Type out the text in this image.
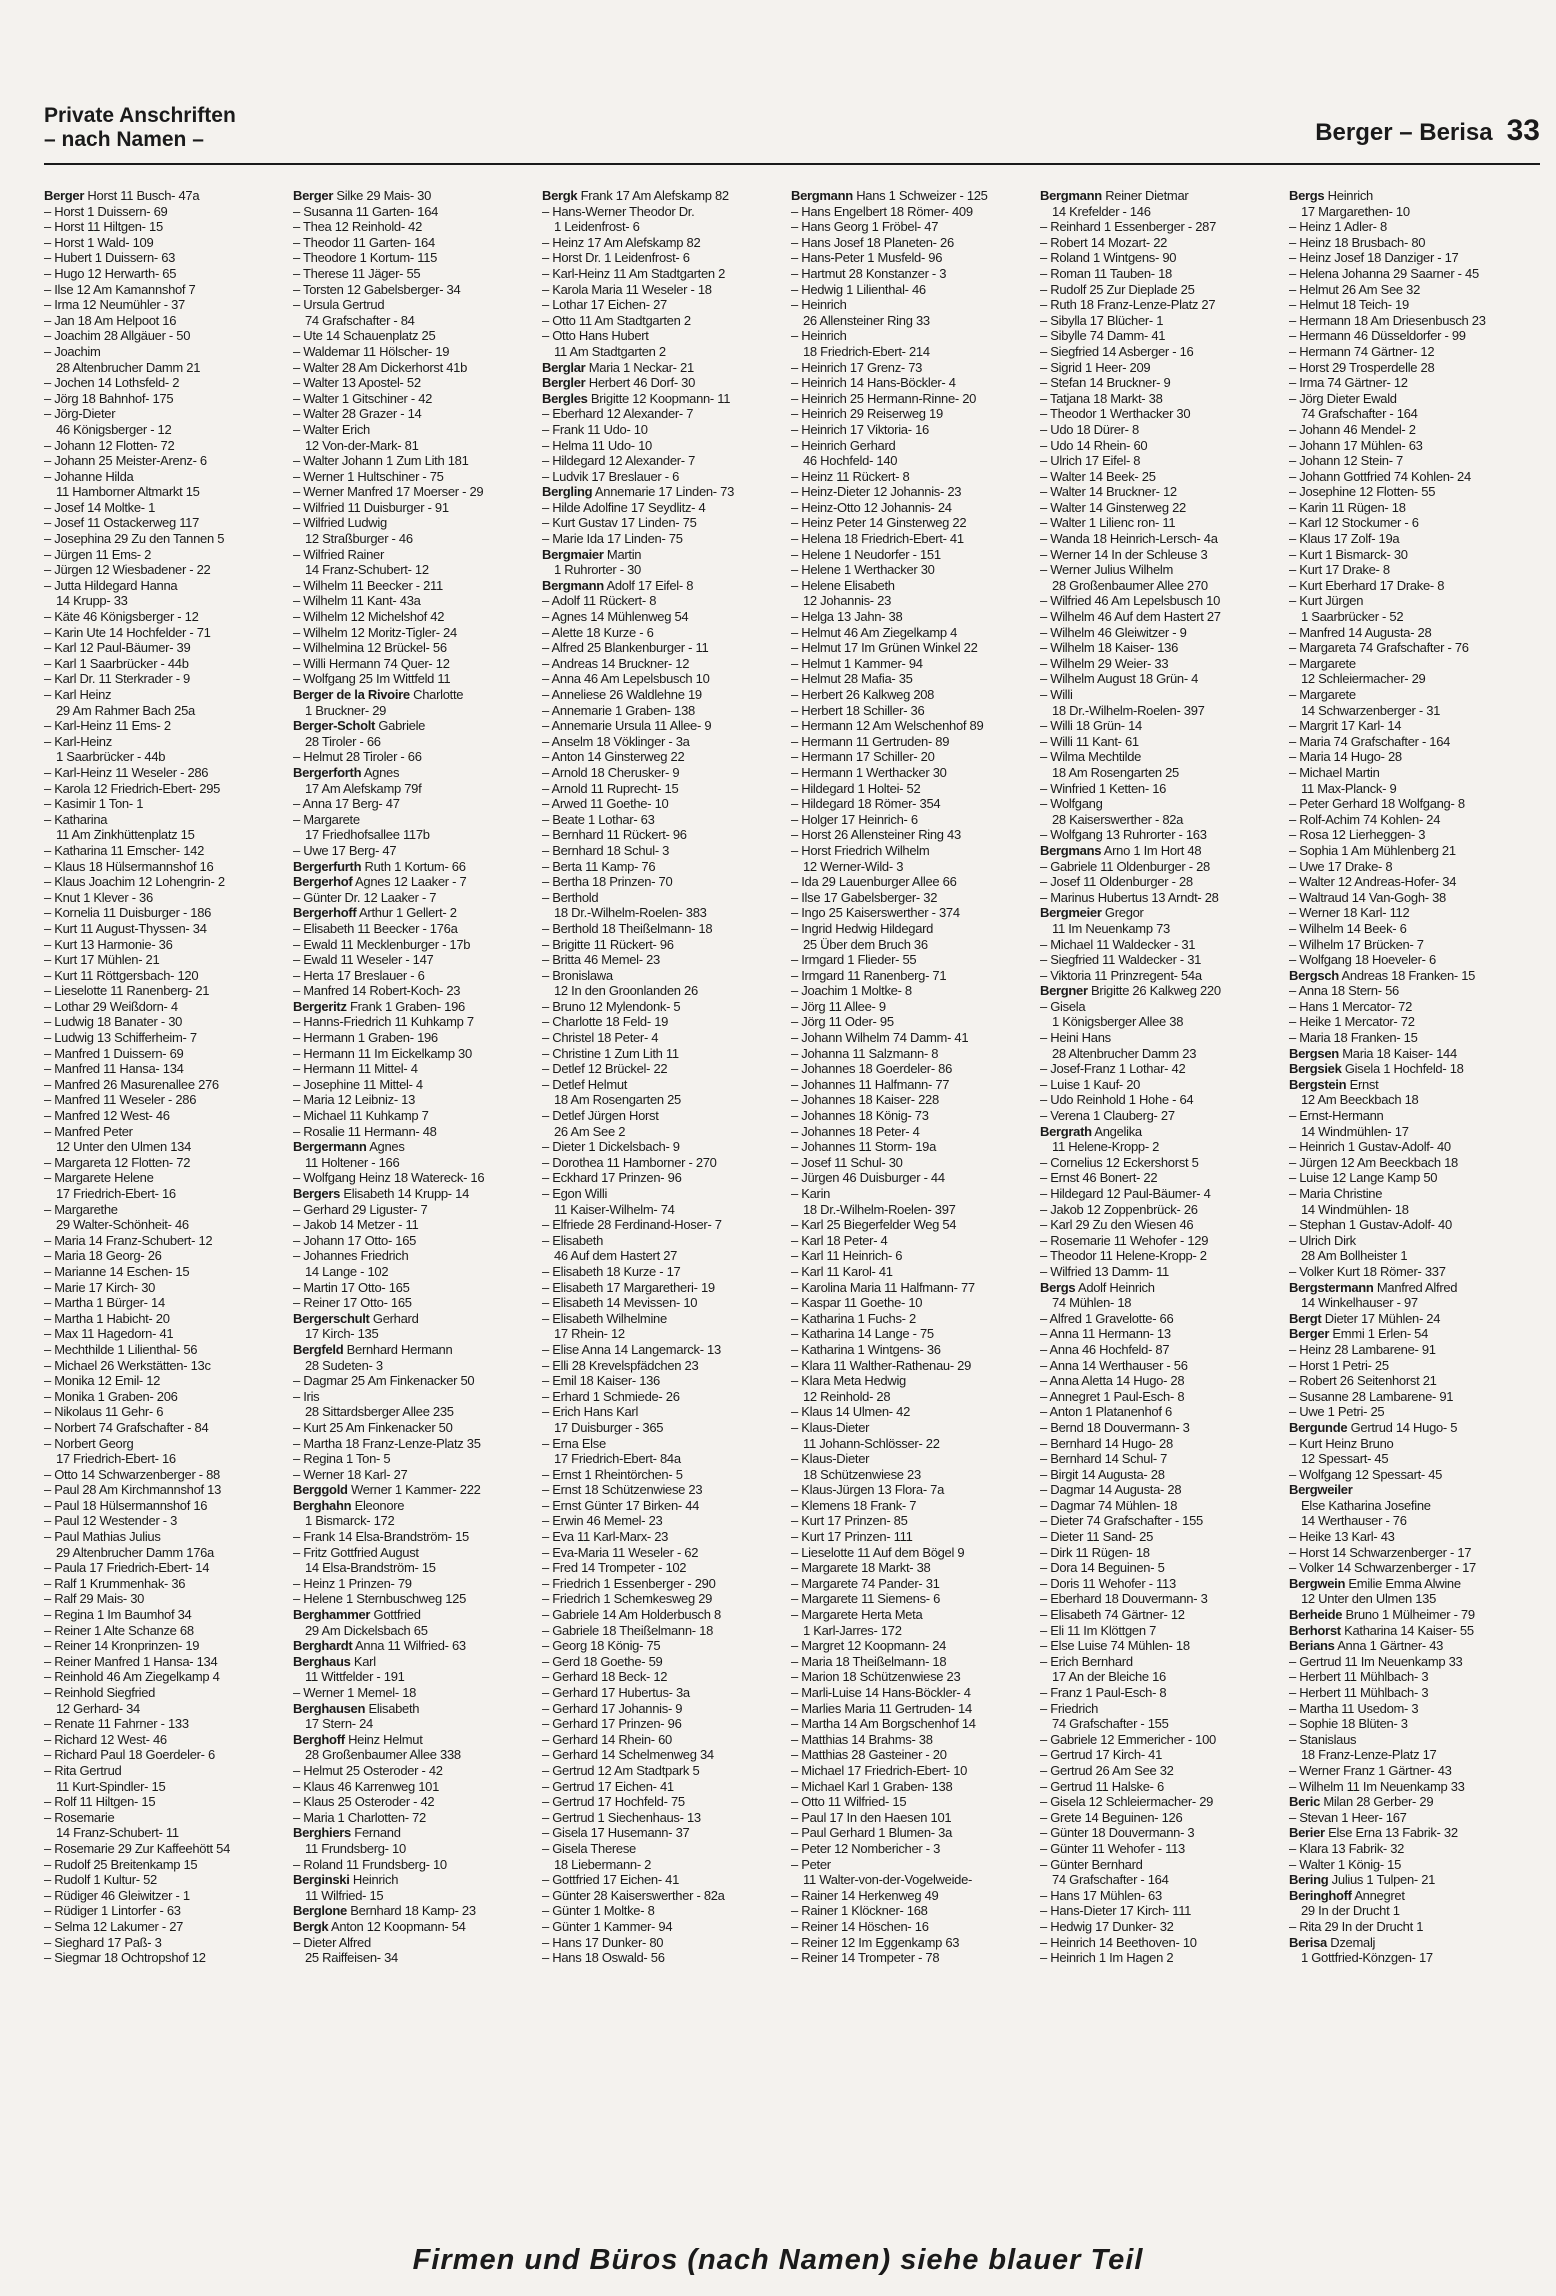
Private Anschriften
– nach Namen –	Berger – Berisa 33
Berger Horst 11 Busch- 47a
– Horst 1 Duissern- 69
– Horst 11 Hiltgen- 15
– Horst 1 Wald- 109
– Hubert 1 Duissern- 63
– Hugo 12 Herwarth- 65
– Ilse 12 Am Kamannshof 7
– Irma 12 Neumühler - 37
– Jan 18 Am Helpoot 16
– Joachim 28 Allgäuer - 50
– Joachim
28 Altenbrucher Damm 21
– Jochen 14 Lothsfeld- 2
– Jörg 18 Bahnhof- 175
– Jörg-Dieter
46 Königsberger - 12
– Johann 12 Flotten- 72
– Johann 25 Meister-Arenz- 6
– Johanne Hilda
11 Hamborner Altmarkt 15
– Josef 14 Moltke- 1
– Josef 11 Ostackerweg 117
– Josephina 29 Zu den Tannen 5
– Jürgen 11 Ems- 2
– Jürgen 12 Wiesbadener - 22
– Jutta Hildegard Hanna
14 Krupp- 33
– Käte 46 Königsberger - 12
– Karin Ute 14 Hochfelder - 71
– Karl 12 Paul-Bäumer- 39
– Karl 1 Saarbrücker - 44b
– Karl Dr. 11 Sterkrader - 9
– Karl Heinz
29 Am Rahmer Bach 25a
– Karl-Heinz 11 Ems- 2
– Karl-Heinz
1 Saarbrücker - 44b
– Karl-Heinz 11 Weseler - 286
– Karola 12 Friedrich-Ebert- 295
– Kasimir 1 Ton- 1
– Katharina
11 Am Zinkhüttenplatz 15
– Katharina 11 Emscher- 142
– Klaus 18 Hülsermannshof 16
– Klaus Joachim 12 Lohengrin- 2
– Knut 1 Klever - 36
– Kornelia 11 Duisburger - 186
– Kurt 11 August-Thyssen- 34
– Kurt 13 Harmonie- 36
– Kurt 17 Mühlen- 21
– Kurt 11 Röttgersbach- 120
– Lieselotte 11 Ranenberg- 21
– Lothar 29 Weißdorn- 4
– Ludwig 18 Banater - 30
– Ludwig 13 Schifferheim- 7
– Manfred 1 Duissern- 69
– Manfred 11 Hansa- 134
– Manfred 26 Masurenallee 276
– Manfred 11 Weseler - 286
– Manfred 12 West- 46
– Manfred Peter
12 Unter den Ulmen 134
– Margareta 12 Flotten- 72
– Margarete Helene
17 Friedrich-Ebert- 16
– Margarethe
29 Walter-Schönheit- 46
– Maria 14 Franz-Schubert- 12
– Maria 18 Georg- 26
– Marianne 14 Eschen- 15
– Marie 17 Kirch- 30
– Martha 1 Bürger- 14
– Martha 1 Habicht- 20
– Max 11 Hagedorn- 41
– Mechthilde 1 Lilienthal- 56
– Michael 26 Werkstätten- 13c
– Monika 12 Emil- 12
– Monika 1 Graben- 206
– Nikolaus 11 Gehr- 6
– Norbert 74 Grafschafter - 84
– Norbert Georg
17 Friedrich-Ebert- 16
– Otto 14 Schwarzenberger - 88
– Paul 28 Am Kirchmannshof 13
– Paul 18 Hülsermannshof 16
– Paul 12 Westender - 3
– Paul Mathias Julius
29 Altenbrucher Damm 176a
– Paula 17 Friedrich-Ebert- 14
– Ralf 1 Krummenhak- 36
– Ralf 29 Mais- 30
– Regina 1 Im Baumhof 34
– Reiner 1 Alte Schanze 68
– Reiner 14 Kronprinzen- 19
– Reiner Manfred 1 Hansa- 134
– Reinhold 46 Am Ziegelkamp 4
– Reinhold Siegfried
12 Gerhard- 34
– Renate 11 Fahrner - 133
– Richard 12 West- 46
– Richard Paul 18 Goerdeler- 6
– Rita Gertrud
11 Kurt-Spindler- 15
– Rolf 11 Hiltgen- 15
– Rosemarie
14 Franz-Schubert- 11
– Rosemarie 29 Zur Kaffeehött 54
– Rudolf 25 Breitenkamp 15
– Rudolf 1 Kultur- 52
– Rüdiger 46 Gleiwitzer - 1
– Rüdiger 1 Lintorfer - 63
– Selma 12 Lakumer - 27
– Sieghard 17 Paß- 3
– Siegmar 18 Ochtropshof 12
Berger Silke 29 Mais- 30
– Susanna 11 Garten- 164
– Thea 12 Reinhold- 42
– Theodor 11 Garten- 164
– Theodore 1 Kortum- 115
– Therese 11 Jäger- 55
– Torsten 12 Gabelsberger- 34
– Ursula Gertrud
74 Grafschafter - 84
– Ute 14 Schauenplatz 25
– Waldemar 11 Hölscher- 19
– Walter 28 Am Dickerhorst 41b
– Walter 13 Apostel- 52
– Walter 1 Gitschiner - 42
– Walter 28 Grazer - 14
– Walter Erich
12 Von-der-Mark- 81
– Walter Johann 1 Zum Lith 181
– Werner 1 Hultschiner - 75
– Werner Manfred 17 Moerser - 29
– Wilfried 11 Duisburger - 91
– Wilfried Ludwig
12 Straßburger - 46
– Wilfried Rainer
14 Franz-Schubert- 12
– Wilhelm 11 Beecker - 211
– Wilhelm 11 Kant- 43a
– Wilhelm 12 Michelshof 42
– Wilhelm 12 Moritz-Tigler- 24
– Wilhelmina 12 Brückel- 56
– Willi Hermann 74 Quer- 12
– Wolfgang 25 Im Wittfeld 11
Berger de la Rivoire Charlotte
1 Bruckner- 29
Berger-Scholt Gabriele
28 Tiroler - 66
– Helmut 28 Tiroler - 66
Bergerforth Agnes
17 Am Alefskamp 79f
– Anna 17 Berg- 47
– Margarete
17 Friedhofsallee 117b
– Uwe 17 Berg- 47
Bergerfurth Ruth 1 Kortum- 66
Bergerhof Agnes 12 Laaker - 7
– Günter Dr. 12 Laaker - 7
Bergerhoff Arthur 1 Gellert- 2
– Elisabeth 11 Beecker - 176a
– Ewald 11 Mecklenburger - 17b
– Ewald 11 Weseler - 147
– Herta 17 Breslauer - 6
– Manfred 14 Robert-Koch- 23
Bergeritz Frank 1 Graben- 196
– Hanns-Friedrich 11 Kuhkamp 7
– Hermann 1 Graben- 196
– Hermann 11 Im Eickelkamp 30
– Hermann 11 Mittel- 4
– Josephine 11 Mittel- 4
– Maria 12 Leibniz- 13
– Michael 11 Kuhkamp 7
– Rosalie 11 Hermann- 48
Bergermann Agnes
11 Holtener - 166
– Wolfgang Heinz 18 Watereck- 16
Bergers Elisabeth 14 Krupp- 14
– Gerhard 29 Liguster- 7
– Jakob 14 Metzer - 11
– Johann 17 Otto- 165
– Johannes Friedrich
14 Lange - 102
– Martin 17 Otto- 165
– Reiner 17 Otto- 165
Bergerschult Gerhard
17 Kirch- 135
Bergfeld Bernhard Hermann
28 Sudeten- 3
– Dagmar 25 Am Finkenacker 50
– Iris
28 Sittardsberger Allee 235
– Kurt 25 Am Finkenacker 50
– Martha 18 Franz-Lenze-Platz 35
– Regina 1 Ton- 5
– Werner 18 Karl- 27
Berggold Werner 1 Kammer- 222
Berghahn Eleonore
1 Bismarck- 172
– Frank 14 Elsa-Brandström- 15
– Fritz Gottfried August
14 Elsa-Brandström- 15
– Heinz 1 Prinzen- 79
– Helene 1 Sternbuschweg 125
Berghammer Gottfried
29 Am Dickelsbach 65
Berghardt Anna 11 Wilfried- 63
Berghaus Karl
11 Wittfelder - 191
– Werner 1 Memel- 18
Berghausen Elisabeth
17 Stern- 24
Berghoff Heinz Helmut
28 Großenbaumer Allee 338
– Helmut 25 Osteroder - 42
– Klaus 46 Karrenweg 101
– Klaus 25 Osteroder - 42
– Maria 1 Charlotten- 72
Berghiers Fernand
11 Frundsberg- 10
– Roland 11 Frundsberg- 10
Berginski Heinrich
11 Wilfried- 15
Berglone Bernhard 18 Kamp- 23
Bergk Anton 12 Koopmann- 54
– Dieter Alfred
25 Raiffeisen- 34
Bergk Frank 17 Am Alefskamp 82
– Hans-Werner Theodor Dr.
1 Leidenfrost- 6
– Heinz 17 Am Alefskamp 82
– Horst Dr. 1 Leidenfrost- 6
– Karl-Heinz 11 Am Stadtgarten 2
– Karola Maria 11 Weseler - 18
– Lothar 17 Eichen- 27
– Otto 11 Am Stadtgarten 2
– Otto Hans Hubert
11 Am Stadtgarten 2
Berglar Maria 1 Neckar- 21
Bergler Herbert 46 Dorf- 30
Bergles Brigitte 12 Koopmann- 11
– Eberhard 12 Alexander- 7
– Frank 11 Udo- 10
– Helma 11 Udo- 10
– Hildegard 12 Alexander- 7
– Ludvik 17 Breslauer - 6
Bergling Annemarie 17 Linden- 73
– Hilde Adolfine 17 Seydlitz- 4
– Kurt Gustav 17 Linden- 75
– Marie Ida 17 Linden- 75
Bergmaier Martin
1 Ruhrorter - 30
Bergmann Adolf 17 Eifel- 8
– Adolf 11 Rückert- 8
– Agnes 14 Mühlenweg 54
– Alette 18 Kurze - 6
– Alfred 25 Blankenburger - 11
– Andreas 14 Bruckner- 12
– Anna 46 Am Lepelsbusch 10
– Anneliese 26 Waldlehne 19
– Annemarie 1 Graben- 138
– Annemarie Ursula 11 Allee- 9
– Anselm 18 Vöklinger - 3a
– Anton 14 Ginsterweg 22
– Arnold 18 Cherusker- 9
– Arnold 11 Ruprecht- 15
– Arwed 11 Goethe- 10
– Beate 1 Lothar- 63
– Bernhard 11 Rückert- 96
– Bernhard 18 Schul- 3
– Berta 11 Kamp- 76
– Bertha 18 Prinzen- 70
– Berthold
18 Dr.-Wilhelm-Roelen- 383
– Berthold 18 Theißelmann- 18
– Brigitte 11 Rückert- 96
– Britta 46 Memel- 23
– Bronislawa
12 In den Groonlanden 26
– Bruno 12 Mylendonk- 5
– Charlotte 18 Feld- 19
– Christel 18 Peter- 4
– Christine 1 Zum Lith 11
– Detlef 12 Brückel- 22
– Detlef Helmut
18 Am Rosengarten 25
– Detlef Jürgen Horst
26 Am See 2
– Dieter 1 Dickelsbach- 9
– Dorothea 11 Hamborner - 270
– Eckhard 17 Prinzen- 96
– Egon Willi
11 Kaiser-Wilhelm- 74
– Elfriede 28 Ferdinand-Hoser- 7
– Elisabeth
46 Auf dem Hastert 27
– Elisabeth 18 Kurze - 17
– Elisabeth 17 Margaretheri- 19
– Elisabeth 14 Mevissen- 10
– Elisabeth Wilhelmine
17 Rhein- 12
– Elise Anna 14 Langemarck- 13
– Elli 28 Krevelspfädchen 23
– Emil 18 Kaiser- 136
– Erhard 1 Schmiede- 26
– Erich Hans Karl
17 Duisburger - 365
– Erna Else
17 Friedrich-Ebert- 84a
– Ernst 1 Rheintörchen- 5
– Ernst 18 Schützenwiese 23
– Ernst Günter 17 Birken- 44
– Erwin 46 Memel- 23
– Eva 11 Karl-Marx- 23
– Eva-Maria 11 Weseler - 62
– Fred 14 Trompeter - 102
– Friedrich 1 Essenberger - 290
– Friedrich 1 Schemkesweg 29
– Gabriele 14 Am Holderbusch 8
– Gabriele 18 Theißelmann- 18
– Georg 18 König- 75
– Gerd 18 Goethe- 59
– Gerhard 18 Beck- 12
– Gerhard 17 Hubertus- 3a
– Gerhard 17 Johannis- 9
– Gerhard 17 Prinzen- 96
– Gerhard 14 Rhein- 60
– Gerhard 14 Schelmenweg 34
– Gertrud 12 Am Stadtpark 5
– Gertrud 17 Eichen- 41
– Gertrud 17 Hochfeld- 75
– Gertrud 1 Siechenhaus- 13
– Gisela 17 Husemann- 37
– Gisela Therese
18 Liebermann- 2
– Gottfried 17 Eichen- 41
– Günter 28 Kaiserswerther - 82a
– Günter 1 Moltke- 8
– Günter 1 Kammer- 94
– Hans 17 Dunker- 80
– Hans 18 Oswald- 56
Bergmann Hans 1 Schweizer - 125
– Hans Engelbert 18 Römer- 409
– Hans Georg 1 Fröbel- 47
– Hans Josef 18 Planeten- 26
– Hans-Peter 1 Musfeld- 96
– Hartmut 28 Konstanzer - 3
– Hedwig 1 Lilienthal- 46
– Heinrich
26 Allensteiner Ring 33
– Heinrich
18 Friedrich-Ebert- 214
– Heinrich 17 Grenz- 73
– Heinrich 14 Hans-Böckler- 4
– Heinrich 25 Hermann-Rinne- 20
– Heinrich 29 Reiserweg 19
– Heinrich 17 Viktoria- 16
– Heinrich Gerhard
46 Hochfeld- 140
– Heinz 11 Rückert- 8
– Heinz-Dieter 12 Johannis- 23
– Heinz-Otto 12 Johannis- 24
– Heinz Peter 14 Ginsterweg 22
– Helena 18 Friedrich-Ebert- 41
– Helene 1 Neudorfer - 151
– Helene 1 Werthacker 30
– Helene Elisabeth
12 Johannis- 23
– Helga 13 Jahn- 38
– Helmut 46 Am Ziegelkamp 4
– Helmut 17 Im Grünen Winkel 22
– Helmut 1 Kammer- 94
– Helmut 28 Mafia- 35
– Herbert 26 Kalkweg 208
– Herbert 18 Schiller- 36
– Hermann 12 Am Welschenhof 89
– Hermann 11 Gertruden- 89
– Hermann 17 Schiller- 20
– Hermann 1 Werthacker 30
– Hildegard 1 Holtei- 52
– Hildegard 18 Römer- 354
– Holger 17 Heinrich- 6
– Horst 26 Allensteiner Ring 43
– Horst Friedrich Wilhelm
12 Werner-Wild- 3
– Ida 29 Lauenburger Allee 66
– Ilse 17 Gabelsberger- 32
– Ingo 25 Kaiserswerther - 374
– Ingrid Hedwig Hildegard
25 Über dem Bruch 36
– Irmgard 1 Flieder- 55
– Irmgard 11 Ranenberg- 71
– Joachim 1 Moltke- 8
– Jörg 11 Allee- 9
– Jörg 11 Oder- 95
– Johann Wilhelm 74 Damm- 41
– Johanna 11 Salzmann- 8
– Johannes 18 Goerdeler- 86
– Johannes 11 Halfmann- 77
– Johannes 18 Kaiser- 228
– Johannes 18 König- 73
– Johannes 18 Peter- 4
– Johannes 11 Storm- 19a
– Josef 11 Schul- 30
– Jürgen 46 Duisburger - 44
– Karin
18 Dr.-Wilhelm-Roelen- 397
– Karl 25 Biegerfelder Weg 54
– Karl 18 Peter- 4
– Karl 11 Heinrich- 6
– Karl 11 Karol- 41
– Karolina Maria 11 Halfmann- 77
– Kaspar 11 Goethe- 10
– Katharina 1 Fuchs- 2
– Katharina 14 Lange - 75
– Katharina 1 Wintgens- 36
– Klara 11 Walther-Rathenau- 29
– Klara Meta Hedwig
12 Reinhold- 28
– Klaus 14 Ulmen- 42
– Klaus-Dieter
11 Johann-Schlösser- 22
– Klaus-Dieter
18 Schützenwiese 23
– Klaus-Jürgen 13 Flora- 7a
– Klemens 18 Frank- 7
– Kurt 17 Prinzen- 85
– Kurt 17 Prinzen- 111
– Lieselotte 11 Auf dem Bögel 9
– Margarete 18 Markt- 38
– Margarete 74 Pander- 31
– Margarete 11 Siemens- 6
– Margarete Herta Meta
1 Karl-Jarres- 172
– Margret 12 Koopmann- 24
– Maria 18 Theißelmann- 18
– Marion 18 Schützenwiese 23
– Marli-Luise 14 Hans-Böckler- 4
– Marlies Maria 11 Gertruden- 14
– Martha 14 Am Borgschenhof 14
– Matthias 14 Brahms- 38
– Matthias 28 Gasteiner - 20
– Michael 17 Friedrich-Ebert- 10
– Michael Karl 1 Graben- 138
– Otto 11 Wilfried- 15
– Paul 17 In den Haesen 101
– Paul Gerhard 1 Blumen- 3a
– Peter 12 Nombericher - 3
– Peter
11 Walter-von-der-Vogelweide-
– Rainer 14 Herkenweg 49
– Rainer 1 Klöckner- 168
– Reiner 14 Höschen- 16
– Reiner 12 Im Eggenkamp 63
– Reiner 14 Trompeter - 78
Bergmann Reiner Dietmar
14 Krefelder - 146
– Reinhard 1 Essenberger - 287
– Robert 14 Mozart- 22
– Roland 1 Wintgens- 90
– Roman 11 Tauben- 18
– Rudolf 25 Zur Dieplade 25
– Ruth 18 Franz-Lenze-Platz 27
– Sibylla 17 Blücher- 1
– Sibylle 74 Damm- 41
– Siegfried 14 Asberger - 16
– Sigrid 1 Heer- 209
– Stefan 14 Bruckner- 9
– Tatjana 18 Markt- 38
– Theodor 1 Werthacker 30
– Udo 18 Dürer- 8
– Udo 14 Rhein- 60
– Ulrich 17 Eifel- 8
– Walter 14 Beek- 25
– Walter 14 Bruckner- 12
– Walter 14 Ginsterweg 22
– Walter 1 Lilienc ron- 11
– Wanda 18 Heinrich-Lersch- 4a
– Werner 14 In der Schleuse 3
– Werner Julius Wilhelm
28 Großenbaumer Allee 270
– Wilfried 46 Am Lepelsbusch 10
– Wilhelm 46 Auf dem Hastert 27
– Wilhelm 46 Gleiwitzer - 9
– Wilhelm 18 Kaiser- 136
– Wilhelm 29 Weier- 33
– Wilhelm August 18 Grün- 4
– Willi
18 Dr.-Wilhelm-Roelen- 397
– Willi 18 Grün- 14
– Willi 11 Kant- 61
– Wilma Mechtilde
18 Am Rosengarten 25
– Winfried 1 Ketten- 16
– Wolfgang
28 Kaiserswerther - 82a
– Wolfgang 13 Ruhrorter - 163
Bergmans Arno 1 Im Hort 48
– Gabriele 11 Oldenburger - 28
– Josef 11 Oldenburger - 28
– Marinus Hubertus 13 Arndt- 28
Bergmeier Gregor
11 Im Neuenkamp 73
– Michael 11 Waldecker - 31
– Siegfried 11 Waldecker - 31
– Viktoria 11 Prinzregent- 54a
Bergner Brigitte 26 Kalkweg 220
– Gisela
1 Königsberger Allee 38
– Heini Hans
28 Altenbrucher Damm 23
– Josef-Franz 1 Lothar- 42
– Luise 1 Kauf- 20
– Udo Reinhold 1 Hohe - 64
– Verena 1 Clauberg- 27
Bergrath Angelika
11 Helene-Kropp- 2
– Cornelius 12 Eckershorst 5
– Ernst 46 Bonert- 22
– Hildegard 12 Paul-Bäumer- 4
– Jakob 12 Zoppenbrück- 26
– Karl 29 Zu den Wiesen 46
– Rosemarie 11 Wehofer - 129
– Theodor 11 Helene-Kropp- 2
– Wilfried 13 Damm- 11
Bergs Adolf Heinrich
74 Mühlen- 18
– Alfred 1 Gravelotte- 66
– Anna 11 Hermann- 13
– Anna 46 Hochfeld- 87
– Anna 14 Werthauser - 56
– Anna Aletta 14 Hugo- 28
– Annegret 1 Paul-Esch- 8
– Anton 1 Platanenhof 6
– Bernd 18 Douvermann- 3
– Bernhard 14 Hugo- 28
– Bernhard 14 Schul- 7
– Birgit 14 Augusta- 28
– Dagmar 14 Augusta- 28
– Dagmar 74 Mühlen- 18
– Dieter 74 Grafschafter - 155
– Dieter 11 Sand- 25
– Dirk 11 Rügen- 18
– Dora 14 Beguinen- 5
– Doris 11 Wehofer - 113
– Eberhard 18 Douvermann- 3
– Elisabeth 74 Gärtner- 12
– Eli 11 Im Klöttgen 7
– Else Luise 74 Mühlen- 18
– Erich Bernhard
17 An der Bleiche 16
– Franz 1 Paul-Esch- 8
– Friedrich
74 Grafschafter - 155
– Gabriele 12 Emmericher - 100
– Gertrud 17 Kirch- 41
– Gertrud 26 Am See 32
– Gertrud 11 Halske- 6
– Gisela 12 Schleiermacher- 29
– Grete 14 Beguinen- 126
– Günter 18 Douvermann- 3
– Günter 11 Wehofer - 113
– Günter Bernhard
74 Grafschafter - 164
– Hans 17 Mühlen- 63
– Hans-Dieter 17 Kirch- 111
– Hedwig 17 Dunker- 32
– Heinrich 14 Beethoven- 10
– Heinrich 1 Im Hagen 2
Bergs Heinrich
17 Margarethen- 10
– Heinz 1 Adler- 8
– Heinz 18 Brusbach- 80
– Heinz Josef 18 Danziger - 17
– Helena Johanna 29 Saarner - 45
– Helmut 26 Am See 32
– Helmut 18 Teich- 19
– Hermann 18 Am Driesenbusch 23
– Hermann 46 Düsseldorfer - 99
– Hermann 74 Gärtner- 12
– Horst 29 Trosperdelle 28
– Irma 74 Gärtner- 12
– Jörg Dieter Ewald
74 Grafschafter - 164
– Johann 46 Mendel- 2
– Johann 17 Mühlen- 63
– Johann 12 Stein- 7
– Johann Gottfried 74 Kohlen- 24
– Josephine 12 Flotten- 55
– Karin 11 Rügen- 18
– Karl 12 Stockumer - 6
– Klaus 17 Zolf- 19a
– Kurt 1 Bismarck- 30
– Kurt 17 Drake- 8
– Kurt Eberhard 17 Drake- 8
– Kurt Jürgen
1 Saarbrücker - 52
– Manfred 14 Augusta- 28
– Margareta 74 Grafschafter - 76
– Margarete
12 Schleiermacher- 29
– Margarete
14 Schwarzenberger - 31
– Margrit 17 Karl- 14
– Maria 74 Grafschafter - 164
– Maria 14 Hugo- 28
– Michael Martin
11 Max-Planck- 9
– Peter Gerhard 18 Wolfgang- 8
– Rolf-Achim 74 Kohlen- 24
– Rosa 12 Lierheggen- 3
– Sophia 1 Am Mühlenberg 21
– Uwe 17 Drake- 8
– Walter 12 Andreas-Hofer- 34
– Waltraud 14 Van-Gogh- 38
– Werner 18 Karl- 112
– Wilhelm 14 Beek- 6
– Wilhelm 17 Brücken- 7
– Wolfgang 18 Hoeveler- 6
Bergsch Andreas 18 Franken- 15
– Anna 18 Stern- 56
– Hans 1 Mercator- 72
– Heike 1 Mercator- 72
– Maria 18 Franken- 15
Bergsen Maria 18 Kaiser- 144
Bergsiek Gisela 1 Hochfeld- 18
Bergstein Ernst
12 Am Beeckbach 18
– Ernst-Hermann
14 Windmühlen- 17
– Heinrich 1 Gustav-Adolf- 40
– Jürgen 12 Am Beeckbach 18
– Luise 12 Lange Kamp 50
– Maria Christine
14 Windmühlen- 18
– Stephan 1 Gustav-Adolf- 40
– Ulrich Dirk
28 Am Bollheister 1
– Volker Kurt 18 Römer- 337
Bergstermann Manfred Alfred
14 Winkelhauser - 97
Bergt Dieter 17 Mühlen- 24
Berger Emmi 1 Erlen- 54
– Heinz 28 Lambarene- 91
– Horst 1 Petri- 25
– Robert 26 Seitenhorst 21
– Susanne 28 Lambarene- 91
– Uwe 1 Petri- 25
Bergunde Gertrud 14 Hugo- 5
– Kurt Heinz Bruno
12 Spessart- 45
– Wolfgang 12 Spessart- 45
Bergweiler
Else Katharina Josefine
14 Werthauser - 76
– Heike 13 Karl- 43
– Horst 14 Schwarzenberger - 17
– Volker 14 Schwarzenberger - 17
Bergwein Emilie Emma Alwine
12 Unter den Ulmen 135
Berheide Bruno 1 Mülheimer - 79
Berhorst Katharina 14 Kaiser- 55
Berians Anna 1 Gärtner- 43
– Gertrud 11 Im Neuenkamp 33
– Herbert 11 Mühlbach- 3
– Herbert 11 Mühlbach- 3
– Martha 11 Usedom- 3
– Sophie 18 Blüten- 3
– Stanislaus
18 Franz-Lenze-Platz 17
– Werner Franz 1 Gärtner- 43
– Wilhelm 11 Im Neuenkamp 33
Beric Milan 28 Gerber- 29
– Stevan 1 Heer- 167
Berier Else Erna 13 Fabrik- 32
– Klara 13 Fabrik- 32
– Walter 1 König- 15
Bering Julius 1 Tulpen- 21
Beringhoff Annegret
29 In der Drucht 1
– Rita 29 In der Drucht 1
Berisa Dzemalj
1 Gottfried-Könzgen- 17
Firmen und Büros (nach Namen) siehe blauer Teil
